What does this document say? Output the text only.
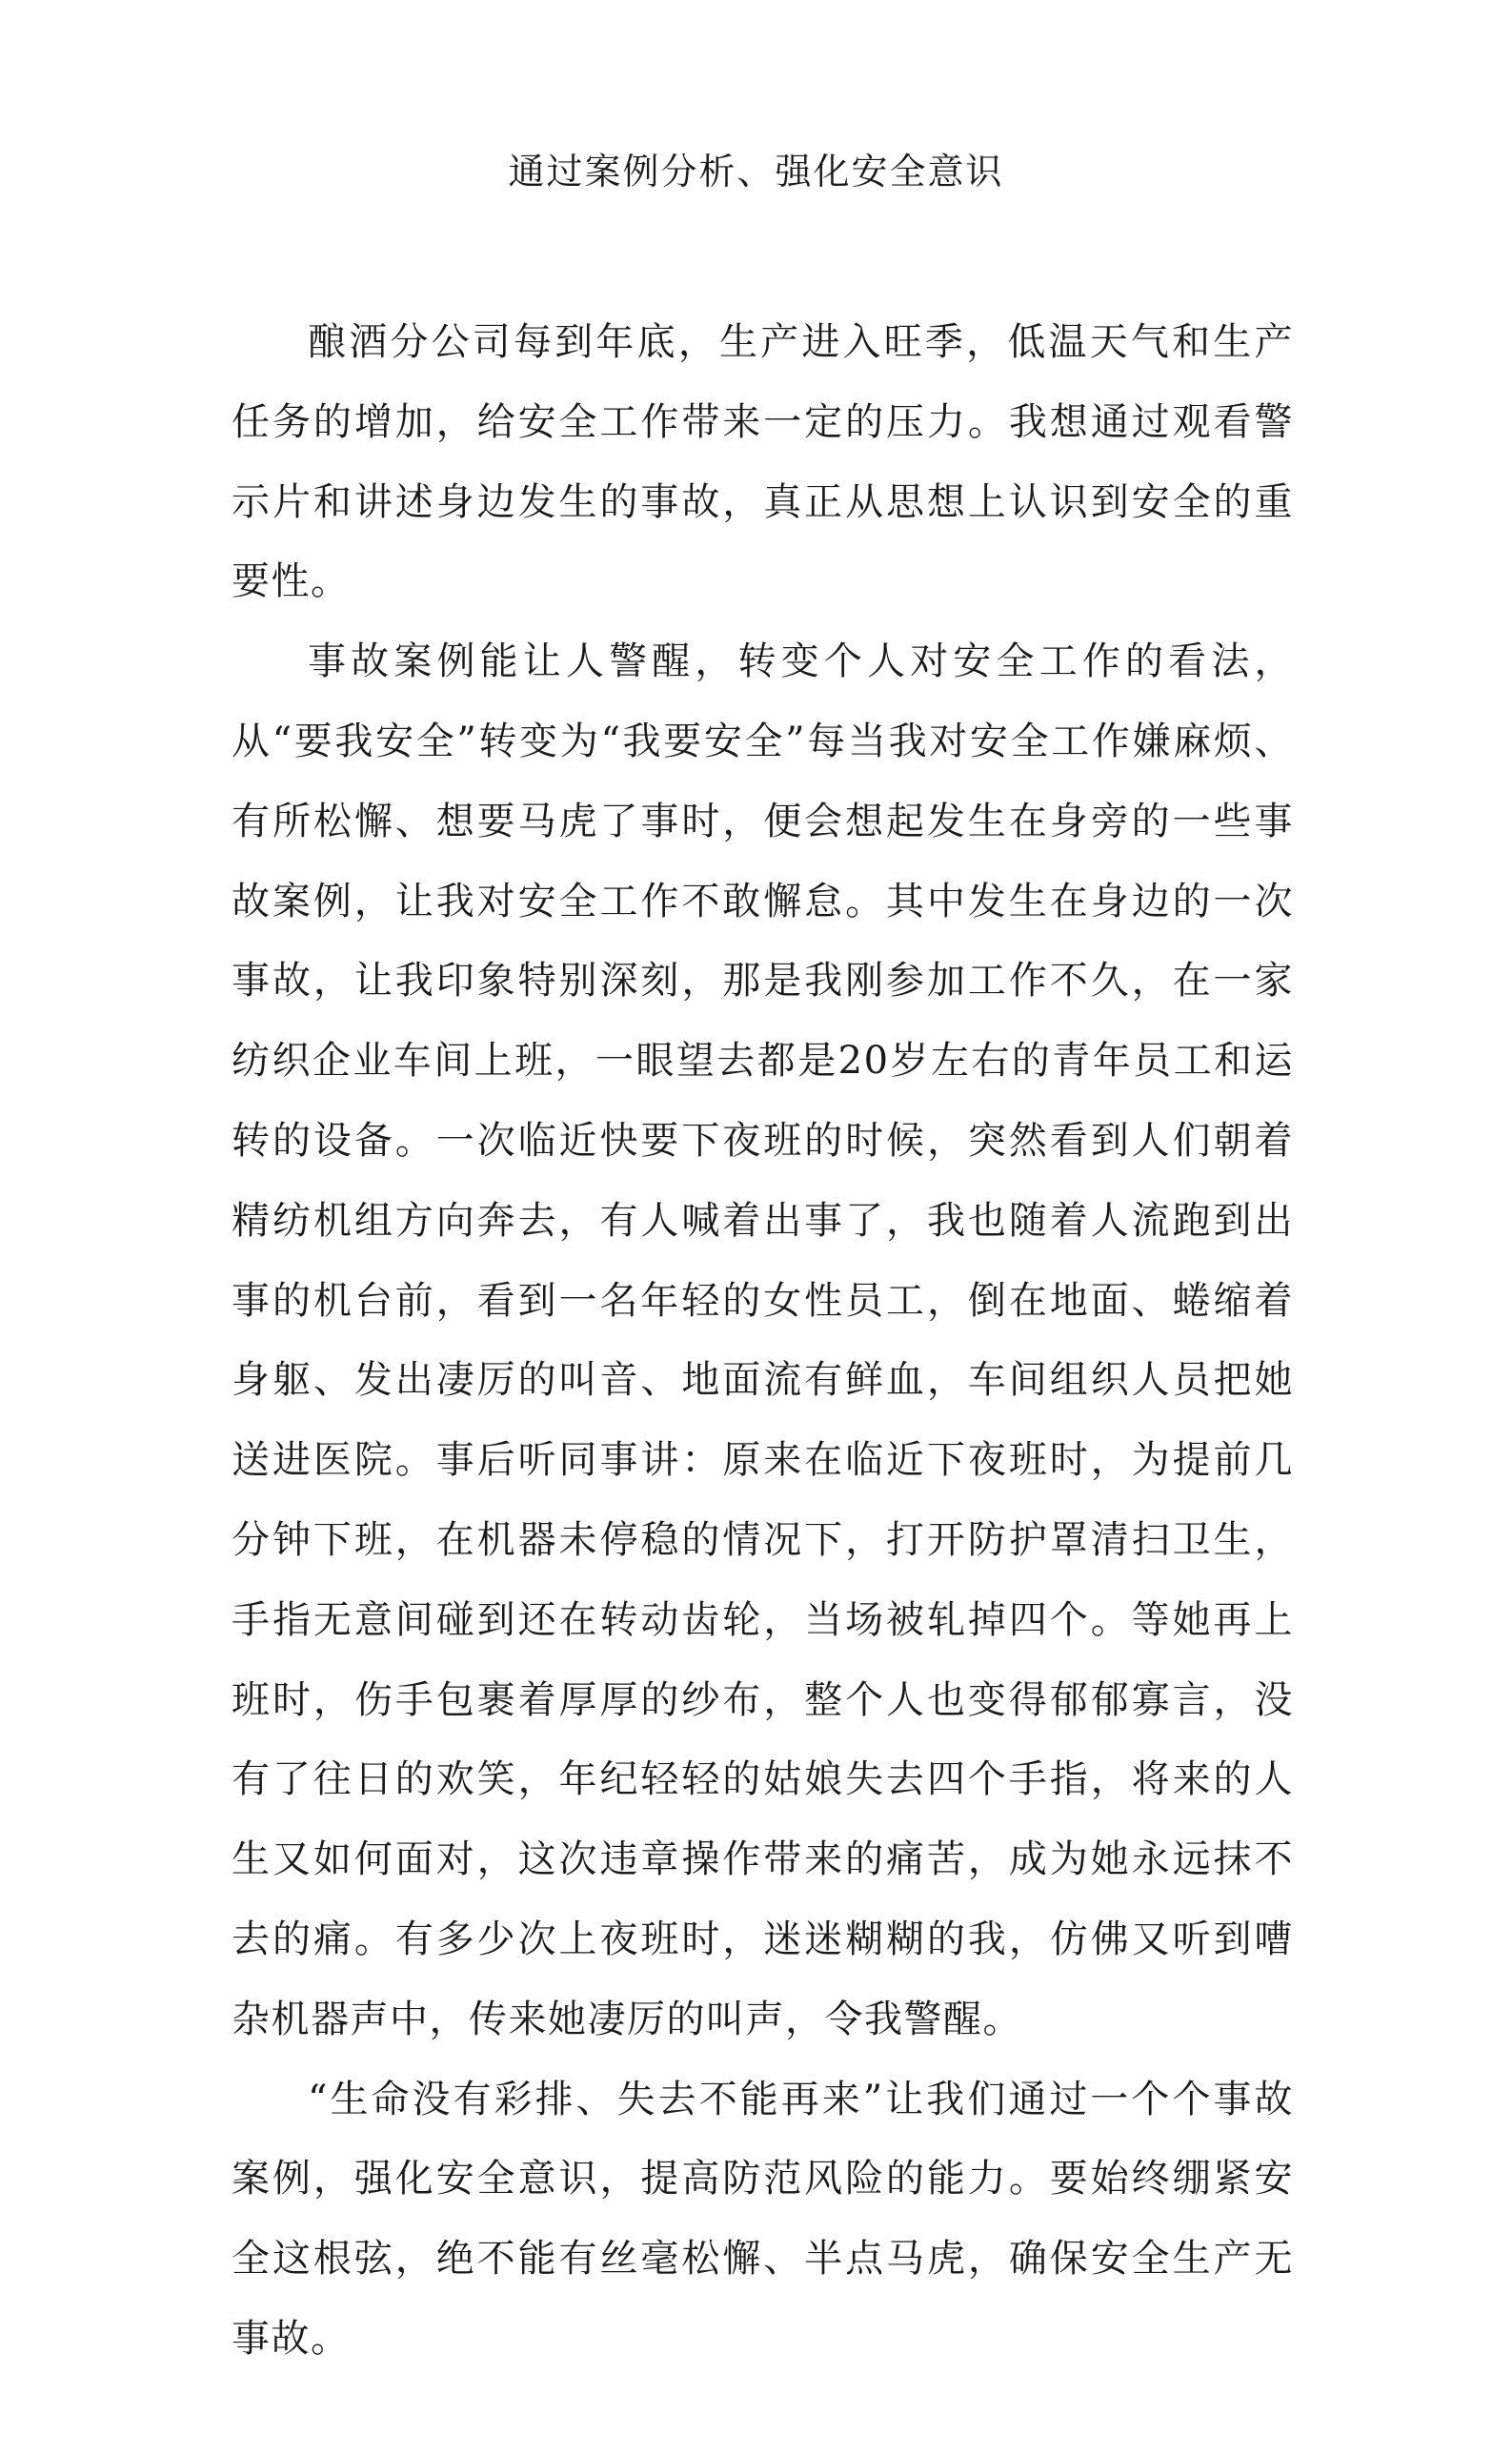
通过案例分析、强化安全意识

酿酒分公司每到年底，生产进入旺季，低温天气和生产任务的增加，给安全工作带来一定的压力。我想通过观看警示片和讲述身边发生的事故，真正从思想上认识到安全的重要性。

事故案例能让人警醒，转变个人对安全工作的看法，从“要我安全”转变为“我要安全”每当我对安全工作嫌麻烦、有所松懈、想要马虎了事时，便会想起发生在身旁的一些事故案例，让我对安全工作不敢懈怠。其中发生在身边的一次事故，让我印象特别深刻，那是我刚参加工作不久，在一家纺织企业车间上班，一眼望去都是20岁左右的青年员工和运转的设备。一次临近快要下夜班的时候，突然看到人们朝着精纺机组方向奔去，有人喊着出事了，我也随着人流跑到出事的机台前，看到一名年轻的女性员工，倒在地面、蜷缩着身躯、发出凄厉的叫音、地面流有鲜血，车间组织人员把她送进医院。事后听同事讲：原来在临近下夜班时，为提前几分钟下班，在机器未停稳的情况下，打开防护罩清扫卫生，手指无意间碰到还在转动齿轮，当场被轧掉四个。等她再上班时，伤手包裹着厚厚的纱布，整个人也变得郁郁寡言，没有了往日的欢笑，年纪轻轻的姑娘失去四个手指，将来的人生又如何面对，这次违章操作带来的痛苦，成为她永远抹不去的痛。有多少次上夜班时，迷迷糊糊的我，仿佛又听到嘈杂机器声中，传来她凄厉的叫声，令我警醒。

“生命没有彩排、失去不能再来”让我们通过一个个事故案例，强化安全意识，提高防范风险的能力。要始终绷紧安全这根弦，绝不能有丝毫松懈、半点马虎，确保安全生产无事故。
